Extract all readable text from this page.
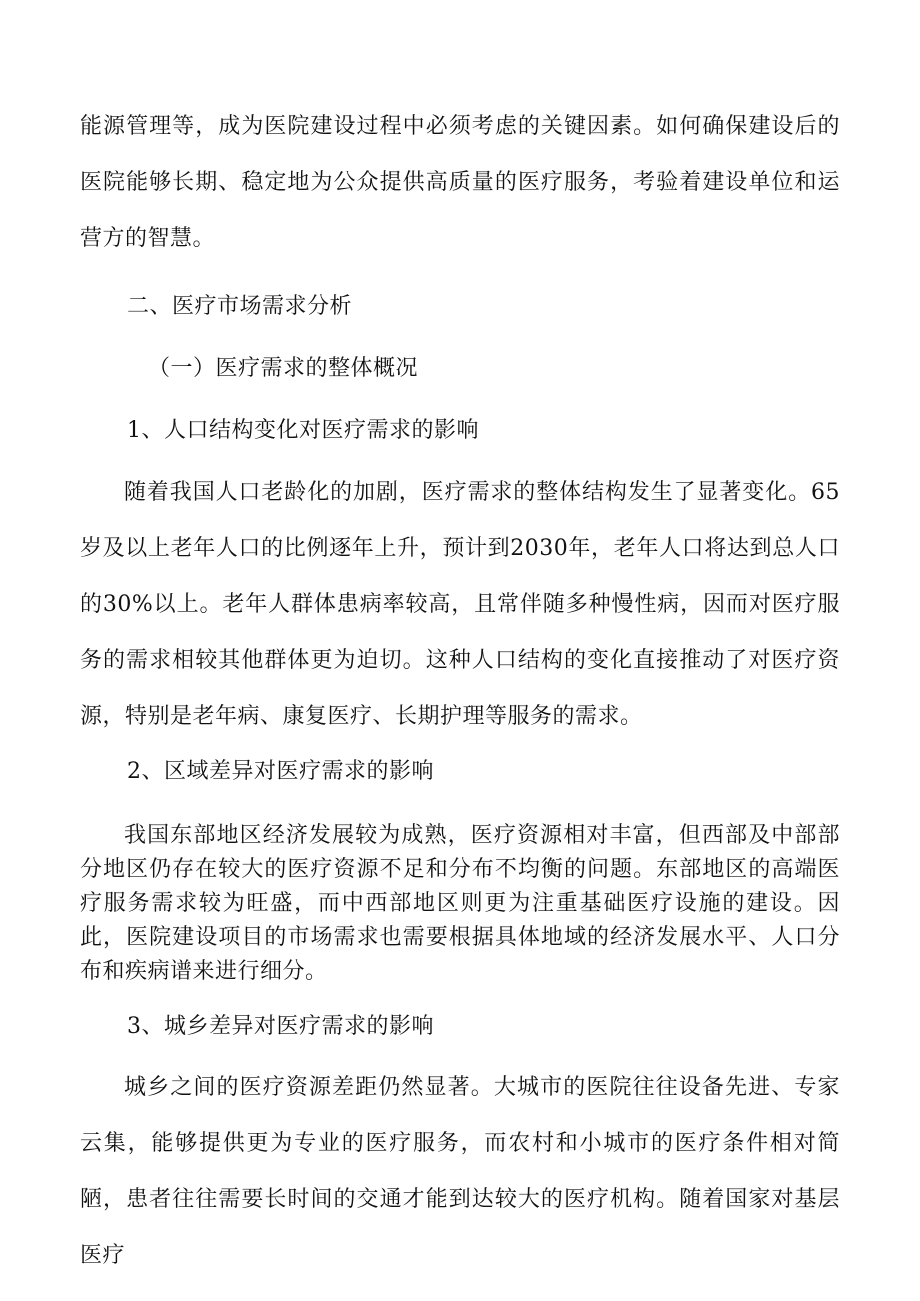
能源管理等，成为医院建设过程中必须考虑的关键因素。如何确保建设后的医院能够长期、稳定地为公众提供高质量的医疗服务，考验着建设单位和运营方的智慧。

二、医疗市场需求分析

（一）医疗需求的整体概况

1、人口结构变化对医疗需求的影响

随着我国人口老龄化的加剧，医疗需求的整体结构发生了显著变化。65岁及以上老年人口的比例逐年上升，预计到2030年，老年人口将达到总人口的30%以上。老年人群体患病率较高，且常伴随多种慢性病，因而对医疗服务的需求相较其他群体更为迫切。这种人口结构的变化直接推动了对医疗资源，特别是老年病、康复医疗、长期护理等服务的需求。

2、区域差异对医疗需求的影响

我国东部地区经济发展较为成熟，医疗资源相对丰富，但西部及中部部分地区仍存在较大的医疗资源不足和分布不均衡的问题。东部地区的高端医疗服务需求较为旺盛，而中西部地区则更为注重基础医疗设施的建设。因此，医院建设项目的市场需求也需要根据具体地域的经济发展水平、人口分布和疾病谱来进行细分。

3、城乡差异对医疗需求的影响

城乡之间的医疗资源差距仍然显著。大城市的医院往往设备先进、专家云集，能够提供更为专业的医疗服务，而农村和小城市的医疗条件相对简陋，患者往往需要长时间的交通才能到达较大的医疗机构。随着国家对基层医疗
